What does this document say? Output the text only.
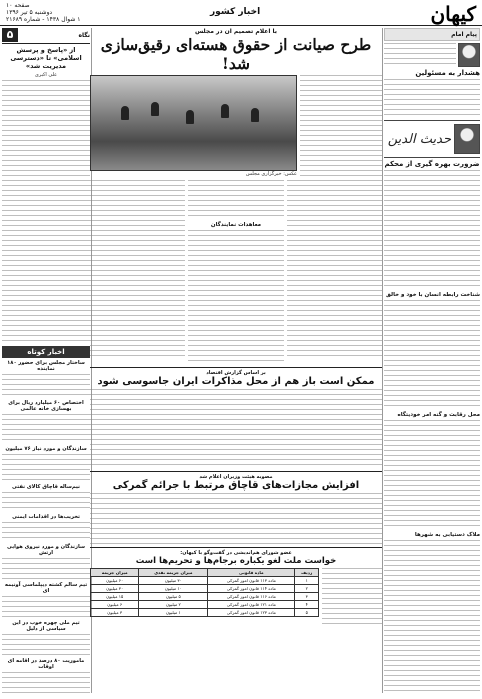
کیهان
اخبار کشور
صفحه ۱۰
دوشنبه ۵ تیر ۱۳۹۶
۱ شوال ۱۴۳۸ - شماره ۲۱۶۸۹
پیام امام
هشدار به مسئولین
حدیث الدین
ضرورت بهره گیری از محکم
شناخت رابطه انسان با خود و خالق
محل رقابت و گنه امر خودیتگاه
ملاک دستیابی به شهرها
با اعلام تصمیم آن در مجلس
طرح صیانت از حقوق هسته‌ای رقیق‌سازی شد!
عکس: خبرگزاری مجلس
معاهدات نمایندگان
بر اساس گزارش اقتصاد
ممکن است باز هم از محل مذاکرات ایران جاسوسی شود
مصوبه هیئت وزیران اعلام شد
افزایش مجازات‌های قاچاق مرتبط با جرائم گمرکی
عضو شورای هم‌اندیشی در گفت‌وگو با کیهان:
خواست ملت لغو یکباره برجام‌ها و تحریم‌ها است
ردیف	ماده قانونی	میزان جریمه نقدی	میزان جریمه
۱	ماده ۱۱۳ قانون امور گمرکی	۳۰ میلیون	۶۰ میلیون
۲	ماده ۱۱۴ قانون امور گمرکی	۱۰ میلیون	۳۰ میلیون
۳	ماده ۱۱۶ قانون امور گمرکی	۵ میلیون	۱۵ میلیون
۴	ماده ۱۲۱ قانون امور گمرکی	۲ میلیون	۶ میلیون
۵	ماده ۱۲۳ قانون امور گمرکی	۱ میلیون	۳ میلیون
نگاه
۵
از «پاسخ و پرسش اسلامی» تا «دسترسی مدیریت شد»
علی اکبری
اخبار کوتاه
ساختار مجلس برای حضور ۱۸۰ نماینده
اختصاص ۶۰ میلیارد ریال برای بهسازی خانه عالمی
سازندگان و مورد نیاز ۷۶ میلیون
نیم‌ساله قاچاق کالای نفتی
تخریب‌ها در اقدامات ایمنی
سازندگان و مورد نیروی هوایی ارتش
تیم سالم کشته دیپلماسی آونیمه ای
تیم ملی چهره خوب در این سیاسی از دلیل
ماموریت ۸۰ درصد در اقامه ای اوقات
